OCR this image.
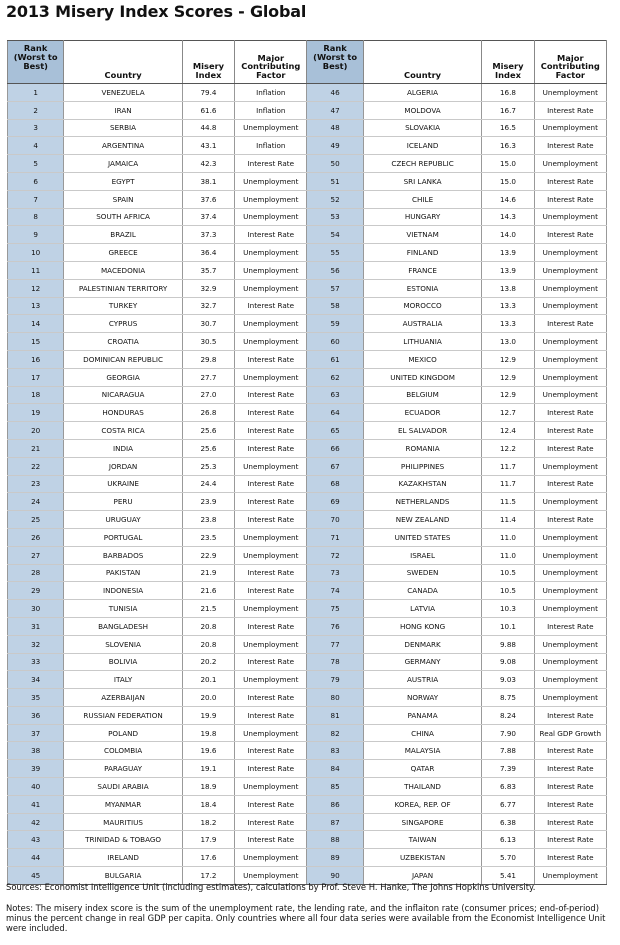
2013 Misery Index Scores - Global
Rank (Worst to Best)	Country	Misery Index	Major Contributing Factor	Rank (Worst to Best)	Country	Misery Index	Major Contributing Factor
1	VENEZUELA	79.4	Inflation	46	ALGERIA	16.8	Unemployment
2	IRAN	61.6	Inflation	47	MOLDOVA	16.7	Interest Rate
3	SERBIA	44.8	Unemployment	48	SLOVAKIA	16.5	Unemployment
4	ARGENTINA	43.1	Inflation	49	ICELAND	16.3	Interest Rate
5	JAMAICA	42.3	Interest Rate	50	CZECH REPUBLIC	15.0	Unemployment
6	EGYPT	38.1	Unemployment	51	SRI LANKA	15.0	Interest Rate
7	SPAIN	37.6	Unemployment	52	CHILE	14.6	Interest Rate
8	SOUTH AFRICA	37.4	Unemployment	53	HUNGARY	14.3	Unemployment
9	BRAZIL	37.3	Interest Rate	54	VIETNAM	14.0	Interest Rate
10	GREECE	36.4	Unemployment	55	FINLAND	13.9	Unemployment
11	MACEDONIA	35.7	Unemployment	56	FRANCE	13.9	Unemployment
12	PALESTINIAN TERRITORY	32.9	Unemployment	57	ESTONIA	13.8	Unemployment
13	TURKEY	32.7	Interest Rate	58	MOROCCO	13.3	Unemployment
14	CYPRUS	30.7	Unemployment	59	AUSTRALIA	13.3	Interest Rate
15	CROATIA	30.5	Unemployment	60	LITHUANIA	13.0	Unemployment
16	DOMINICAN REPUBLIC	29.8	Interest Rate	61	MEXICO	12.9	Unemployment
17	GEORGIA	27.7	Unemployment	62	UNITED KINGDOM	12.9	Unemployment
18	NICARAGUA	27.0	Interest Rate	63	BELGIUM	12.9	Unemployment
19	HONDURAS	26.8	Interest Rate	64	ECUADOR	12.7	Interest Rate
20	COSTA RICA	25.6	Interest Rate	65	EL SALVADOR	12.4	Interest Rate
21	INDIA	25.6	Interest Rate	66	ROMANIA	12.2	Interest Rate
22	JORDAN	25.3	Unemployment	67	PHILIPPINES	11.7	Unemployment
23	UKRAINE	24.4	Interest Rate	68	KAZAKHSTAN	11.7	Interest Rate
24	PERU	23.9	Interest Rate	69	NETHERLANDS	11.5	Unemployment
25	URUGUAY	23.8	Interest Rate	70	NEW ZEALAND	11.4	Interest Rate
26	PORTUGAL	23.5	Unemployment	71	UNITED STATES	11.0	Unemployment
27	BARBADOS	22.9	Unemployment	72	ISRAEL	11.0	Unemployment
28	PAKISTAN	21.9	Interest Rate	73	SWEDEN	10.5	Unemployment
29	INDONESIA	21.6	Interest Rate	74	CANADA	10.5	Unemployment
30	TUNISIA	21.5	Unemployment	75	LATVIA	10.3	Unemployment
31	BANGLADESH	20.8	Interest Rate	76	HONG KONG	10.1	Interest Rate
32	SLOVENIA	20.8	Unemployment	77	DENMARK	9.88	Unemployment
33	BOLIVIA	20.2	Interest Rate	78	GERMANY	9.08	Unemployment
34	ITALY	20.1	Unemployment	79	AUSTRIA	9.03	Unemployment
35	AZERBAIJAN	20.0	Interest Rate	80	NORWAY	8.75	Unemployment
36	RUSSIAN FEDERATION	19.9	Interest Rate	81	PANAMA	8.24	Interest Rate
37	POLAND	19.8	Unemployment	82	CHINA	7.90	Real GDP Growth
38	COLOMBIA	19.6	Interest Rate	83	MALAYSIA	7.88	Interest Rate
39	PARAGUAY	19.1	Interest Rate	84	QATAR	7.39	Interest Rate
40	SAUDI ARABIA	18.9	Unemployment	85	THAILAND	6.83	Interest Rate
41	MYANMAR	18.4	Interest Rate	86	KOREA, REP. OF	6.77	Interest Rate
42	MAURITIUS	18.2	Interest Rate	87	SINGAPORE	6.38	Interest Rate
43	TRINIDAD & TOBAGO	17.9	Interest Rate	88	TAIWAN	6.13	Interest Rate
44	IRELAND	17.6	Unemployment	89	UZBEKISTAN	5.70	Interest Rate
45	BULGARIA	17.2	Unemployment	90	JAPAN	5.41	Unemployment
Sources: Economist Intelligence Unit (including estimates), calculations by Prof. Steve H. Hanke, The Johns Hopkins University.
Notes: The misery index score is the sum of the unemployment rate, the lending rate, and the inflaiton rate (consumer prices; end-of-period) minus the percent change in real GDP per capita. Only countries where all four data series were available from the Economist Intelligence Unit were included.
